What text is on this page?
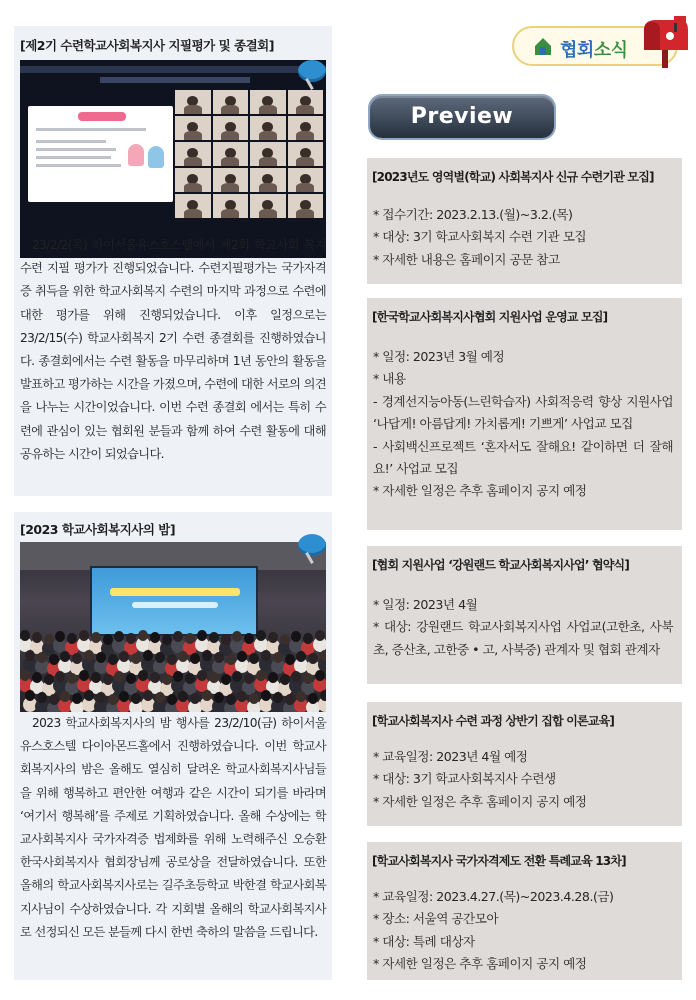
[제2기 수련학교사회복지사 지필평가 및 종결회]
23/2/2(목) 하이서울유스호스텔에서 제2회 학교사회 복지 수련 지필 평가가 진행되었습니다. 수련지필평가는 국가자격증 취득을 위한 학교사회복지 수련의 마지막 과정으로 수련에 대한 평가를 위해 진행되었습니다. 이후 일정으로는 23/2/15(수) 학교사회복지 2기 수련 종결회를 진행하였습니다. 종결회에서는 수련 활동을 마무리하며 1년 동안의 활동을 발표하고 평가하는 시간을 가졌으며, 수련에 대한 서로의 의견을 나누는 시간이었습니다. 이번 수련 종결회 에서는 특히 수련에 관심이 있는 협회원 분들과 함께 하여 수련 활동에 대해 공유하는 시간이 되었습니다.
[2023 학교사회복지사의 밤]
2023 학교사회복지사의 밤 행사를 23/2/10(금) 하이서울유스호스텔 다이아몬드홀에서 진행하였습니다. 이번 학교사회복지사의 밤은 올해도 열심히 달려온 학교사회복지사님들을 위해 행복하고 편안한 여행과 같은 시간이 되기를 바라며 ‘여기서 행복해’를 주제로 기획하였습니다. 올해 수상에는 학교사회복지사 국가자격증 법제화를 위해 노력해주신 오승환 한국사회복지사 협회장님께 공로상을 전달하였습니다. 또한 올해의 학교사회복지사로는 길주초등학교 박한결 학교사회복지사님이 수상하였습니다. 각 지회별 올해의 학교사회복지사로 선정되신 모든 분들께 다시 한번 축하의 말씀을 드립니다.
협회소식
Preview
[2023년도 영역별(학교) 사회복지사 신규 수련기관 모집]
* 접수기간: 2023.2.13.(월)~3.2.(목)
* 대상: 3기 학교사회복지 수련 기관 모집
* 자세한 내용은 홈페이지 공문 참고
[한국학교사회복지사협회 지원사업 운영교 모집]
* 일정: 2023년 3월 예정
* 내용
- 경계선지능아동(느린학습자) 사회적응력 향상 지원사업 ‘나답게! 아름답게! 가치롭게! 기쁘게’ 사업교 모집
- 사회백신프로젝트 ‘혼자서도 잘해요! 같이하면 더 잘해요!’ 사업교 모집
* 자세한 일정은 추후 홈페이지 공지 예정
[협회 지원사업 ‘강원랜드 학교사회복지사업’ 협약식]
* 일정: 2023년 4월
* 대상: 강원랜드 학교사회복지사업 사업교(고한초, 사북초, 증산초, 고한중 • 고, 사북중) 관계자 및 협회 관계자
[학교사회복지사 수련 과정 상반기 집합 이론교육]
* 교육일정: 2023년 4월 예정
* 대상: 3기 학교사회복지사 수련생
* 자세한 일정은 추후 홈페이지 공지 예정
[학교사회복지사 국가자격제도 전환 특례교육 13차]
* 교육일정: 2023.4.27.(목)~2023.4.28.(금)
* 장소: 서울역 공간모아
* 대상: 특례 대상자
* 자세한 일정은 추후 홈페이지 공지 예정
